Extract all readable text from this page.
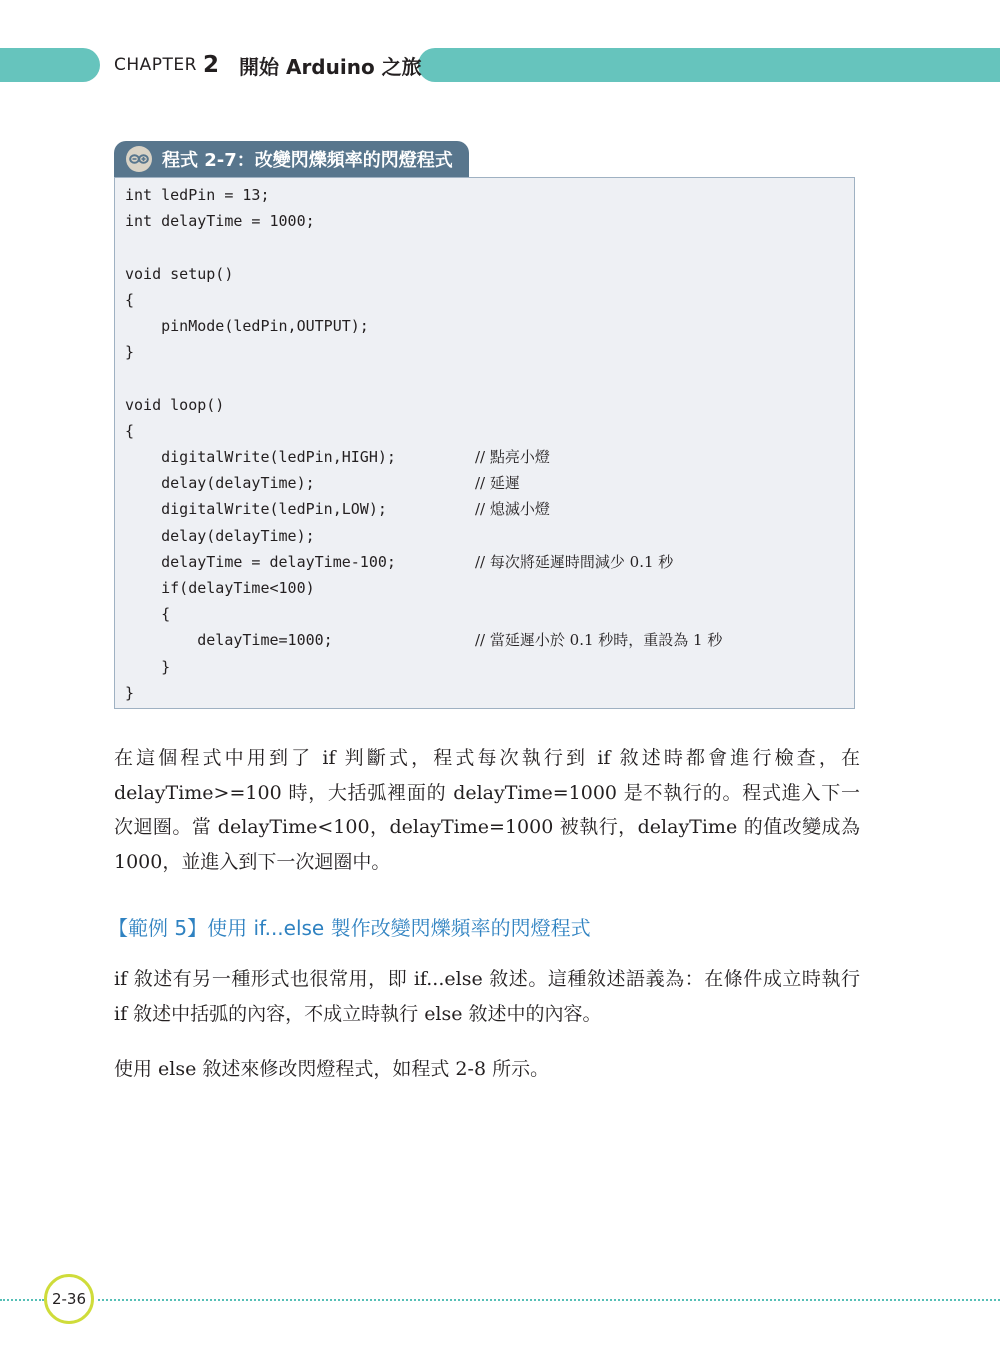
CHAPTER 2 開始 Arduino 之旅
程式 2-7：改變閃爍頻率的閃燈程式
int ledPin = 13;
int delayTime = 1000;
void setup()
{
pinMode(ledPin,OUTPUT);
}
void loop()
{
digitalWrite(ledPin,HIGH);	// 點亮小燈
delay(delayTime);	// 延遲
digitalWrite(ledPin,LOW);	// 熄滅小燈
delay(delayTime);
delayTime = delayTime-100;	// 每次將延遲時間減少 0.1 秒
if(delayTime<100)
{
delayTime=1000;	// 當延遲小於 0.1 秒時，重設為 1 秒
}
}
在這個程式中用到了 if 判斷式，程式每次執行到 if 敘述時都會進行檢查，在 delayTime>=100 時，大括弧裡面的 delayTime=1000 是不執行的。程式進入下一次迴圈。當 delayTime<100，delayTime=1000 被執行，delayTime 的值改變成為 1000，並進入到下一次迴圈中。
【範例 5】使用 if...else 製作改變閃爍頻率的閃燈程式
if 敘述有另一種形式也很常用，即 if...else 敘述。這種敘述語義為：在條件成立時執行 if 敘述中括弧的內容，不成立時執行 else 敘述中的內容。
使用 else 敘述來修改閃燈程式，如程式 2-8 所示。
2-36
